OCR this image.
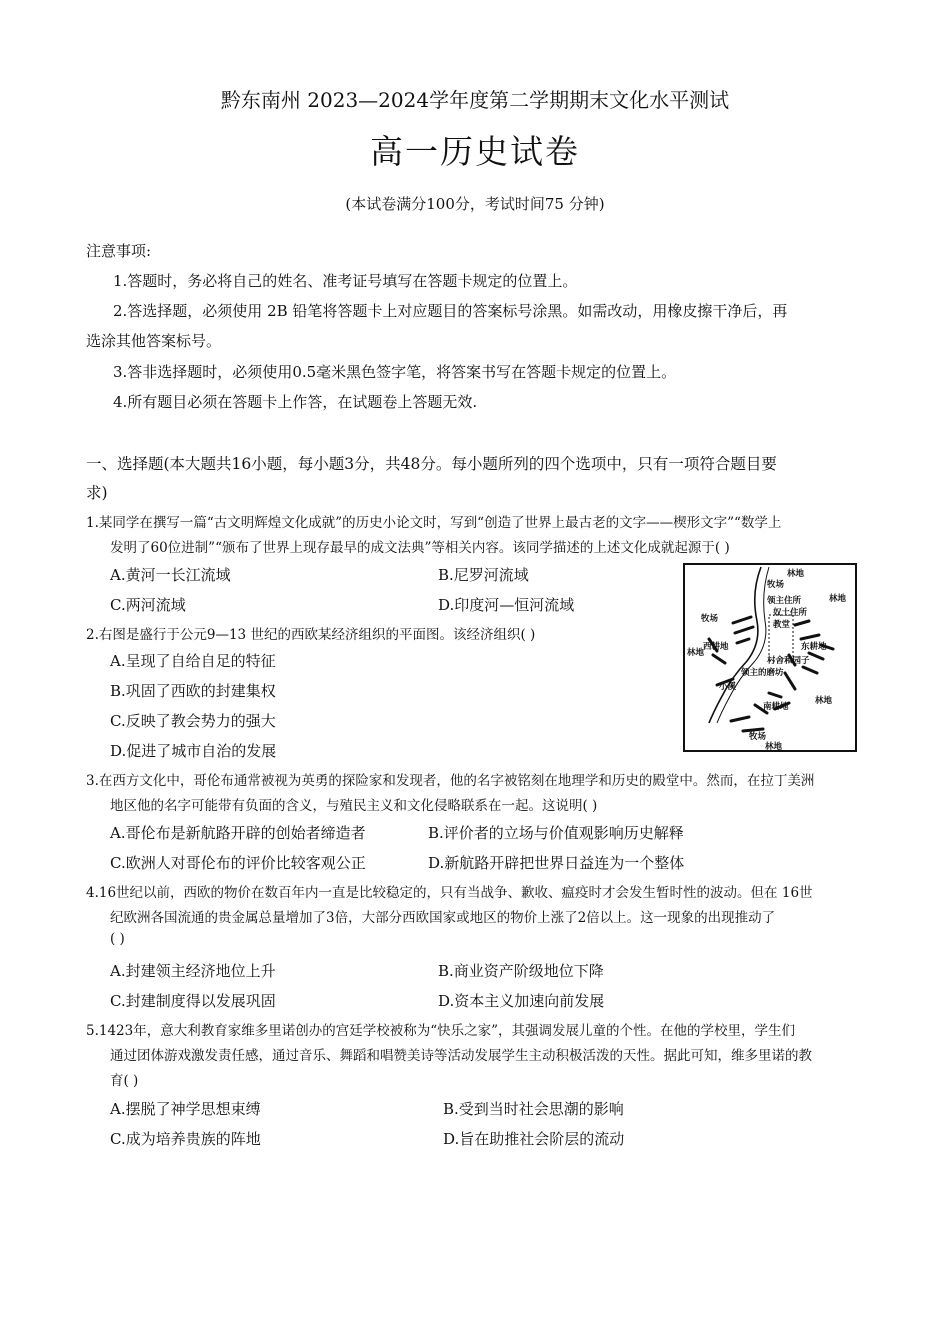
黔东南州 2023—2024学年度第二学期期末文化水平测试
高一历史试卷
(本试卷满分100分，考试时间75 分钟)
注意事项:
1.答题时，务必将自己的姓名、准考证号填写在答题卡规定的位置上。
2.答选择题，必须使用 2B 铅笔将答题卡上对应题目的答案标号涂黑。如需改动，用橡皮擦干净后，再
选涂其他答案标号。
3.答非选择题时，必须使用0.5毫米黑色签字笔，将答案书写在答题卡规定的位置上。
4.所有题目必须在答题卡上作答，在试题卷上答题无效.
一、选择题(本大题共16小题，每小题3分，共48分。每小题所列的四个选项中，只有一项符合题目要
求)
1.某同学在撰写一篇“古文明辉煌文化成就”的历史小论文时，写到“创造了世界上最古老的文字——楔形文字”“数学上
发明了60位进制”“颁布了世界上现存最早的成文法典”等相关内容。该同学描述的上述文化成就起源于( )
A.黄河一长江流域	B.尼罗河流域
C.两河流域	D.印度河—恒河流域
2.右图是盛行于公元9—13 世纪的西欧某经济组织的平面图。该经济组织( )
A.呈现了自给自足的特征
B.巩固了西欧的封建集权
C.反映了教会势力的强大
D.促进了城市自治的发展
林地
牧场
领主住所
奴土住所
教堂
林地
牧场
西耕地	东耕地
林地
村舍和园子
领主的磨坊
小溪
南耕地
林地
牧场
林地
3.在西方文化中，哥伦布通常被视为英勇的探险家和发现者，他的名字被铭刻在地理学和历史的殿堂中。然而，在拉丁美洲
地区他的名字可能带有负面的含义，与殖民主义和文化侵略联系在一起。这说明( )
A.哥伦布是新航路开辟的创始者缔造者	B.评价者的立场与价值观影响历史解释
C.欧洲人对哥伦布的评价比较客观公正	D.新航路开辟把世界日益连为一个整体
4.16世纪以前，西欧的物价在数百年内一直是比较稳定的，只有当战争、歉收、瘟疫时才会发生暂时性的波动。但在 16世
纪欧洲各国流通的贵金属总量增加了3倍，大部分西欧国家或地区的物价上涨了2倍以上。这一现象的出现推动了
( )
A.封建领主经济地位上升	B.商业资产阶级地位下降
C.封建制度得以发展巩固	D.资本主义加速向前发展
5.1423年，意大利教育家维多里诺创办的宫廷学校被称为“快乐之家”，其强调发展儿童的个性。在他的学校里，学生们
通过团体游戏激发责任感，通过音乐、舞蹈和唱赞美诗等活动发展学生主动积极活泼的天性。据此可知，维多里诺的教
育( )
A.摆脱了神学思想束缚	B.受到当时社会思潮的影响
C.成为培养贵族的阵地	D.旨在助推社会阶层的流动
